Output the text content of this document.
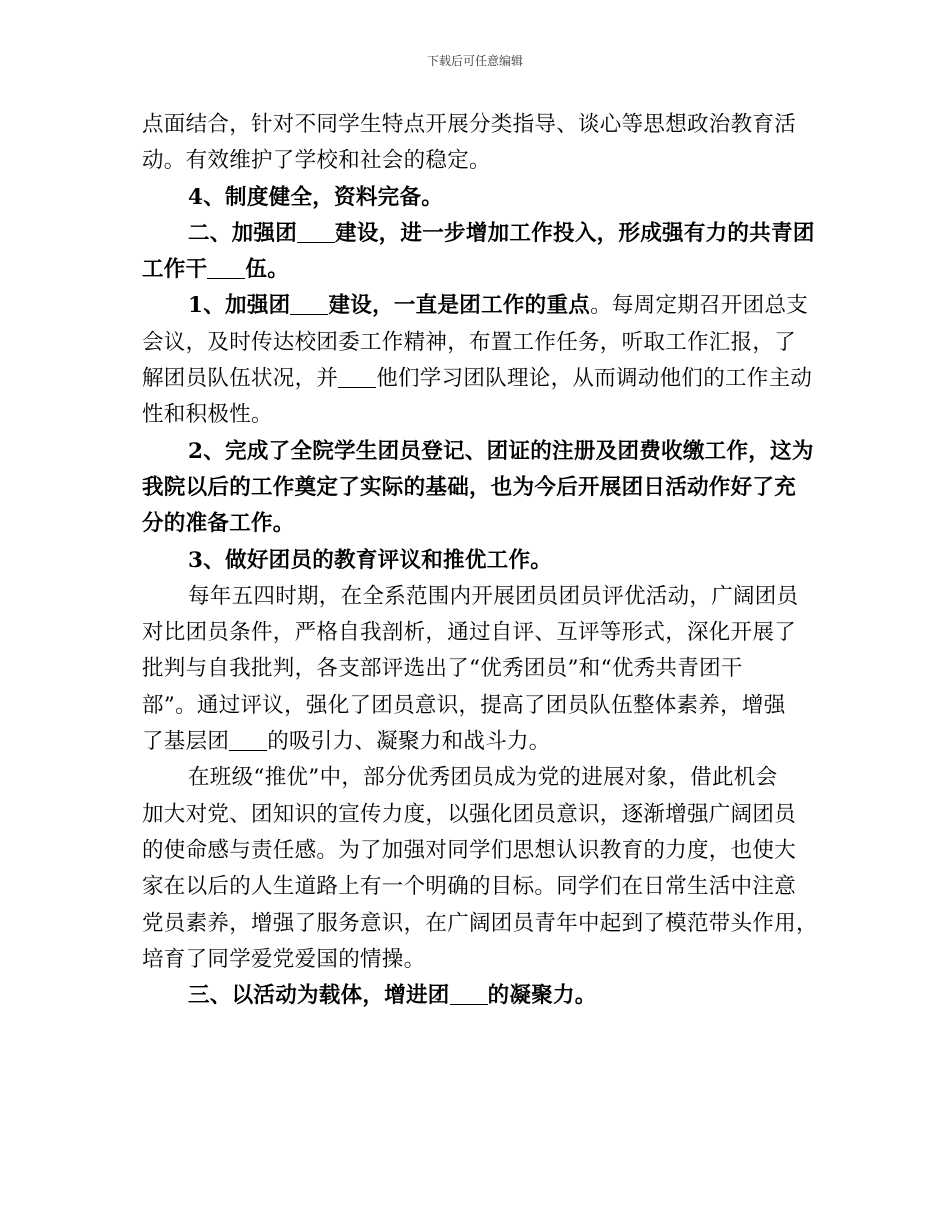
下载后可任意编辑

点面结合，针对不同学生特点开展分类指导、谈心等思想政治教育活
动。有效维护了学校和社会的稳定。

4、制度健全，资料完备。

二、加强团 建设，进一步增加工作投入，形成强有力的共青团
工作干 伍。

1、加强团 建设，一直是团工作的重点。每周定期召开团总支
会议，及时传达校团委工作精神，布置工作任务，听取工作汇报，了
解团员队伍状况，并 他们学习团队理论，从而调动他们的工作主动
性和积极性。

2、完成了全院学生团员登记、团证的注册及团费收缴工作，这为
我院以后的工作奠定了实际的基础，也为今后开展团日活动作好了充
分的准备工作。

3、做好团员的教育评议和推优工作。

每年五四时期，在全系范围内开展团员团员评优活动，广阔团员
对比团员条件，严格自我剖析，通过自评、互评等形式，深化开展了
批判与自我批判，各支部评选出了“优秀团员”和“优秀共青团干
部”。通过评议，强化了团员意识，提高了团员队伍整体素养，增强
了基层团 的吸引力、凝聚力和战斗力。

在班级“推优”中，部分优秀团员成为党的进展对象，借此机会
加大对党、团知识的宣传力度，以强化团员意识，逐渐增强广阔团员
的使命感与责任感。为了加强对同学们思想认识教育的力度，也使大
家在以后的人生道路上有一个明确的目标。同学们在日常生活中注意
党员素养，增强了服务意识，在广阔团员青年中起到了模范带头作用，
培育了同学爱党爱国的情操。

三、以活动为载体，增进团 的凝聚力。
